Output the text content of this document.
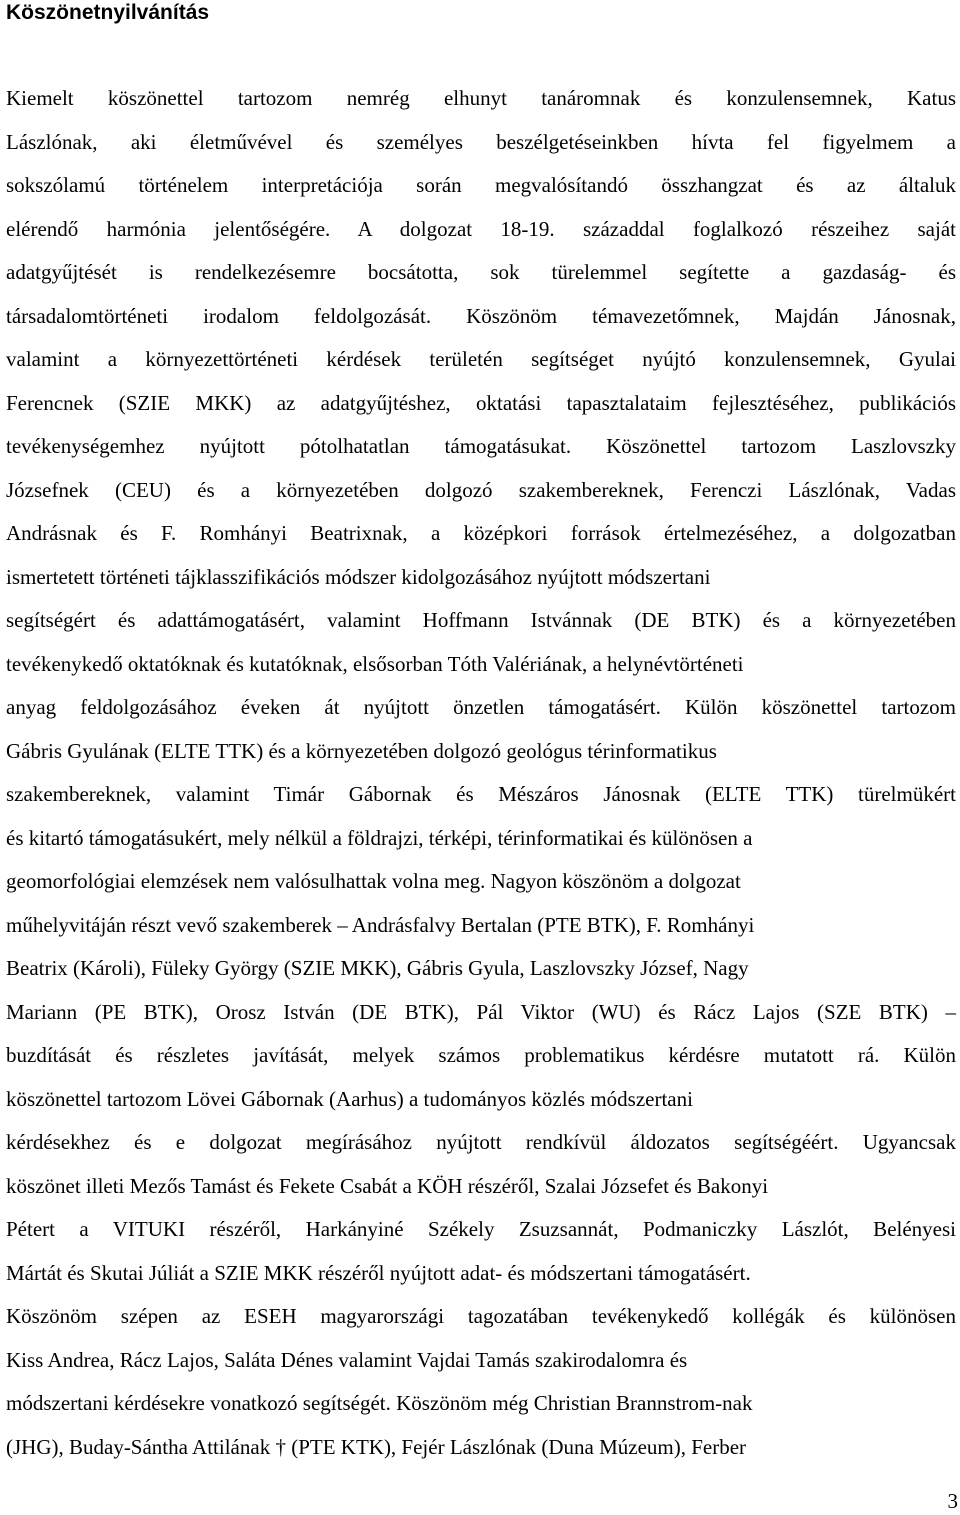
Köszönetnyilvánítás
Kiemelt köszönettel tartozom nemrég elhunyt tanáromnak és konzulensemnek, Katus
Lászlónak, aki életművével és személyes beszélgetéseinkben hívta fel figyelmem a
sokszólamú történelem interpretációja során megvalósítandó összhangzat és az általuk
elérendő harmónia jelentőségére. A dolgozat 18-19. századdal foglalkozó részeihez saját
adatgyűjtését is rendelkezésemre bocsátotta, sok türelemmel segítette a gazdaság- és
társadalomtörténeti irodalom feldolgozását. Köszönöm témavezetőmnek, Majdán Jánosnak,
valamint a környezettörténeti kérdések területén segítséget nyújtó konzulensemnek, Gyulai
Ferencnek (SZIE MKK) az adatgyűjtéshez, oktatási tapasztalataim fejlesztéséhez, publikációs
tevékenységemhez nyújtott pótolhatatlan támogatásukat. Köszönettel tartozom Laszlovszky
Józsefnek (CEU) és a környezetében dolgozó szakembereknek, Ferenczi Lászlónak, Vadas
Andrásnak és F. Romhányi Beatrixnak, a középkori források értelmezéséhez, a dolgozatban
ismertetett történeti tájklasszifikációs módszer kidolgozásához nyújtott módszertani
segítségért és adattámogatásért, valamint Hoffmann Istvánnak (DE BTK) és a környezetében
tevékenykedő oktatóknak és kutatóknak, elsősorban Tóth Valériának, a helynévtörténeti
anyag feldolgozásához éveken át nyújtott önzetlen támogatásért. Külön köszönettel tartozom
Gábris Gyulának (ELTE TTK) és a környezetében dolgozó geológus térinformatikus
szakembereknek, valamint Timár Gábornak és Mészáros Jánosnak (ELTE TTK) türelmükért
és kitartó támogatásukért, mely nélkül a földrajzi, térképi, térinformatikai és különösen a
geomorfológiai elemzések nem valósulhattak volna meg. Nagyon köszönöm a dolgozat
műhelyvitáján részt vevő szakemberek – Andrásfalvy Bertalan (PTE BTK), F. Romhányi
Beatrix (Károli), Füleky György (SZIE MKK), Gábris Gyula, Laszlovszky József, Nagy
Mariann (PE BTK), Orosz István (DE BTK), Pál Viktor (WU) és Rácz Lajos (SZE BTK) –
buzdítását és részletes javítását, melyek számos problematikus kérdésre mutatott rá. Külön
köszönettel tartozom Lövei Gábornak (Aarhus) a tudományos közlés módszertani
kérdésekhez és e dolgozat megírásához nyújtott rendkívül áldozatos segítségéért. Ugyancsak
köszönet illeti Mezős Tamást és Fekete Csabát a KÖH részéről, Szalai Józsefet és Bakonyi
Pétert a VITUKI részéről, Harkányiné Székely Zsuzsannát, Podmaniczky Lászlót, Belényesi
Mártát és Skutai Júliát a SZIE MKK részéről nyújtott adat- és módszertani támogatásért.
Köszönöm szépen az ESEH magyarországi tagozatában tevékenykedő kollégák és különösen
Kiss Andrea, Rácz Lajos, Saláta Dénes valamint Vajdai Tamás szakirodalomra és
módszertani kérdésekre vonatkozó segítségét. Köszönöm még Christian Brannstrom-nak
(JHG), Buday-Sántha Attilának † (PTE KTK), Fejér Lászlónak (Duna Múzeum), Ferber
3
